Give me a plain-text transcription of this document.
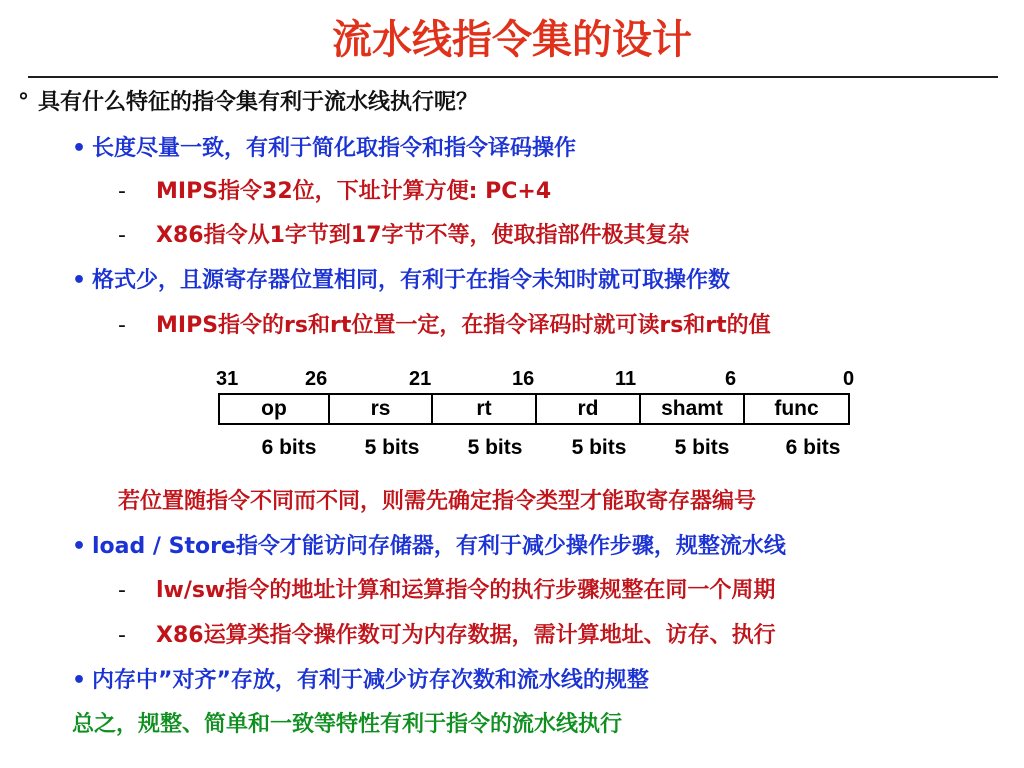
流水线指令集的设计
° 具有什么特征的指令集有利于流水线执行呢？
• 长度尽量一致，有利于简化取指令和指令译码操作
- MIPS指令32位，下址计算方便: PC+4
- X86指令从1字节到17字节不等，使取指部件极其复杂
• 格式少，且源寄存器位置相同，有利于在指令未知时就可取操作数
- MIPS指令的rs和rt位置一定，在指令译码时就可读rs和rt的值
31	26	21	16	11	6	0
op	rs	rt	rd	shamt	func
6 bits	5 bits	5 bits	5 bits	5 bits	6 bits
若位置随指令不同而不同，则需先确定指令类型才能取寄存器编号
• load / Store指令才能访问存储器，有利于减少操作步骤，规整流水线
- lw/sw指令的地址计算和运算指令的执行步骤规整在同一个周期
- X86运算类指令操作数可为内存数据，需计算地址、访存、执行
• 内存中”对齐”存放，有利于减少访存次数和流水线的规整
总之，规整、简单和一致等特性有利于指令的流水线执行
